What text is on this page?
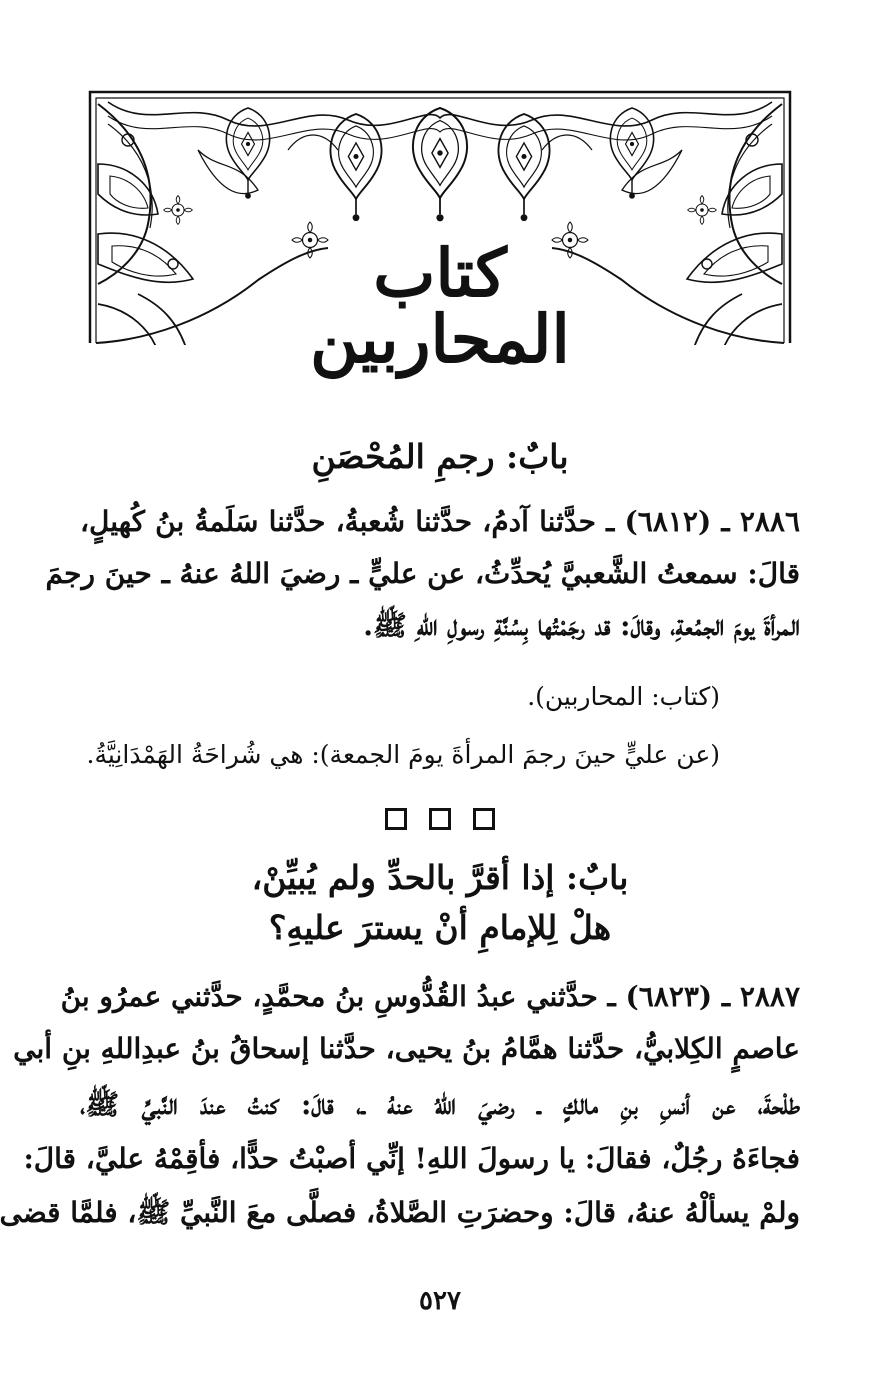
كتاب المحاربين
بابٌ: رجمِ المُحْصَنِ
٢٨٨٦ ـ (٦٨١٢) ـ حدَّثنا آدمُ، حدَّثنا شُعبةُ، حدَّثنا سَلَمةُ بنُ كُهيلٍ،
قالَ: سمعتُ الشَّعبيَّ يُحدِّثُ، عن عليٍّ ـ رضيَ اللهُ عنهُ ـ حينَ رجمَ
المرأةَ يومَ الجمُعةِ، وقالَ: قد رجَمْتُها بِسُنَّةِ رسولِ اللهِ ﷺ.
(كتاب: المحاربين).
(عن عليٍّ حينَ رجمَ المرأةَ يومَ الجمعة): هي شُراحَةُ الهَمْدَانِيَّةُ.
بابٌ: إذا أقرَّ بالحدِّ ولم يُبيِّنْ،
هلْ لِلإمامِ أنْ يسترَ عليهِ؟
٢٨٨٧ ـ (٦٨٢٣) ـ حدَّثني عبدُ القُدُّوسِ بنُ محمَّدٍ، حدَّثني عمرُو بنُ
عاصمٍ الكِلابيُّ، حدَّثنا همَّامُ بنُ يحيى، حدَّثنا إسحاقُ بنُ عبدِاللهِ بنِ أبي
طلْحةَ، عن أنسِ بنِ مالكٍ ـ رضيَ اللهُ عنهُ ـ، قالَ: كنتُ عندَ النَّبيِّ ﷺ،
فجاءَهُ رجُلٌ، فقالَ: يا رسولَ اللهِ! إنِّي أصبْتُ حدًّا، فأقِمْهُ عليَّ، قالَ:
ولمْ يسألْهُ عنهُ، قالَ: وحضرَتِ الصَّلاةُ، فصلَّى معَ النَّبيِّ ﷺ، فلمَّا قضى
٥٢٧
